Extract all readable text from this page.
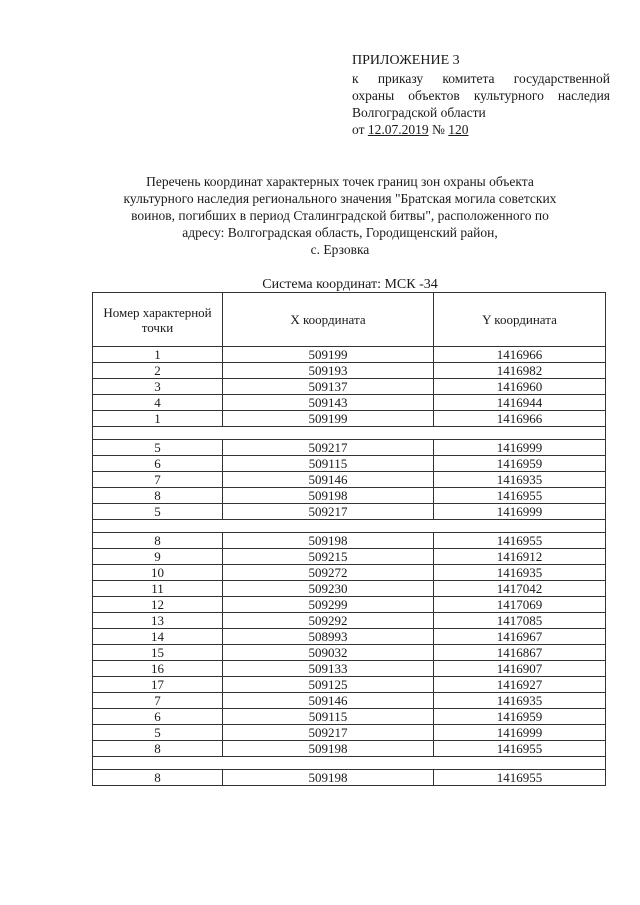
ПРИЛОЖЕНИЕ 3
к приказу комитета государственной
охраны объектов культурного наследия
Волгоградской области
от 12.07.2019 № 120
Перечень координат характерных точек границ зон охраны объекта
культурного наследия регионального значения "Братская могила советских
воинов, погибших в период Сталинградской битвы", расположенного по
адресу: Волгоградская область, Городищенский район,
с. Ерзовка
Система координат: МСК -34
Номер характерной точки	X координата	Y координата
1	509199	1416966
2	509193	1416982
3	509137	1416960
4	509143	1416944
1	509199	1416966

5	509217	1416999
6	509115	1416959
7	509146	1416935
8	509198	1416955
5	509217	1416999

8	509198	1416955
9	509215	1416912
10	509272	1416935
11	509230	1417042
12	509299	1417069
13	509292	1417085
14	508993	1416967
15	509032	1416867
16	509133	1416907
17	509125	1416927
7	509146	1416935
6	509115	1416959
5	509217	1416999
8	509198	1416955

8	509198	1416955
